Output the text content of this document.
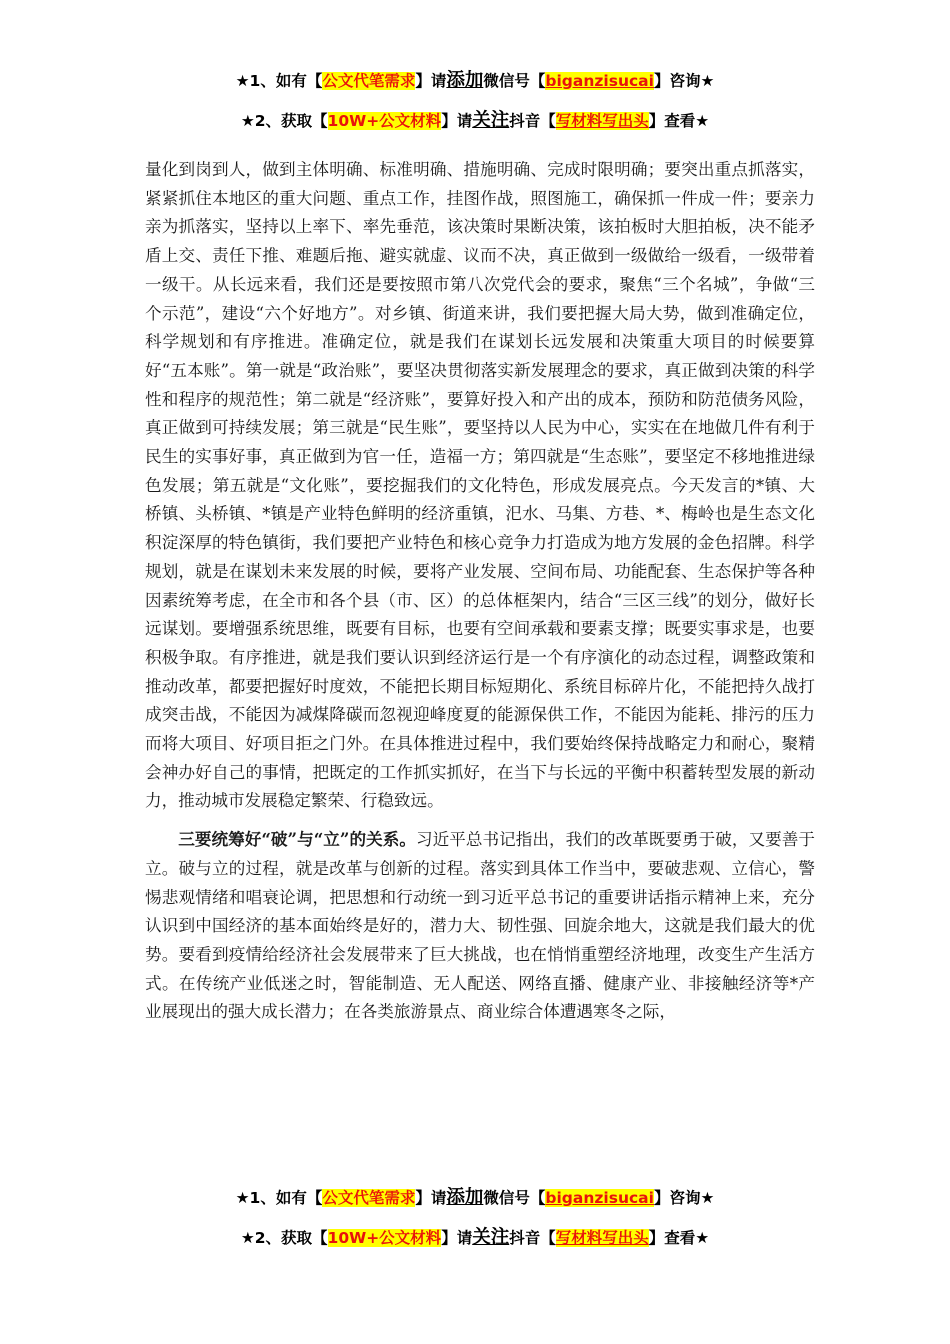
★1、如有【公文代笔需求】请添加微信号【biganzisucai】咨询★
★2、获取【10W+公文材料】请关注抖音【写材料写出头】查看★

量化到岗到人，做到主体明确、标准明确、措施明确、完成时限明确；要突出重点抓落实，紧紧抓住本地区的重大问题、重点工作，挂图作战，照图施工，确保抓一件成一件；要亲力亲为抓落实，坚持以上率下、率先垂范，该决策时果断决策，该拍板时大胆拍板，决不能矛盾上交、责任下推、难题后拖、避实就虚、议而不决，真正做到一级做给一级看，一级带着一级干。从长远来看，我们还是要按照市第八次党代会的要求，聚焦“三个名城”，争做“三个示范”，建设“六个好地方”。对乡镇、街道来讲，我们要把握大局大势，做到准确定位，科学规划和有序推进。准确定位，就是我们在谋划长远发展和决策重大项目的时候要算好“五本账”。第一就是“政治账”，要坚决贯彻落实新发展理念的要求，真正做到决策的科学性和程序的规范性；第二就是“经济账”，要算好投入和产出的成本，预防和防范债务风险，真正做到可持续发展；第三就是“民生账”，要坚持以人民为中心，实实在在地做几件有利于民生的实事好事，真正做到为官一任，造福一方；第四就是“生态账”，要坚定不移地推进绿色发展；第五就是“文化账”，要挖掘我们的文化特色，形成发展亮点。今天发言的*镇、大桥镇、头桥镇、*镇是产业特色鲜明的经济重镇，汜水、马集、方巷、*、梅岭也是生态文化积淀深厚的特色镇街，我们要把产业特色和核心竞争力打造成为地方发展的金色招牌。科学规划，就是在谋划未来发展的时候，要将产业发展、空间布局、功能配套、生态保护等各种因素统筹考虑，在全市和各个县（市、区）的总体框架内，结合“三区三线”的划分，做好长远谋划。要增强系统思维，既要有目标，也要有空间承载和要素支撑；既要实事求是，也要积极争取。有序推进，就是我们要认识到经济运行是一个有序演化的动态过程，调整政策和推动改革，都要把握好时度效，不能把长期目标短期化、系统目标碎片化，不能把持久战打成突击战，不能因为减煤降碳而忽视迎峰度夏的能源保供工作，不能因为能耗、排污的压力而将大项目、好项目拒之门外。在具体推进过程中，我们要始终保持战略定力和耐心，聚精会神办好自己的事情，把既定的工作抓实抓好，在当下与长远的平衡中积蓄转型发展的新动力，推动城市发展稳定繁荣、行稳致远。

三要统筹好“破”与“立”的关系。习近平总书记指出，我们的改革既要勇于破，又要善于立。破与立的过程，就是改革与创新的过程。落实到具体工作当中，要破悲观、立信心，警惕悲观情绪和唱衰论调，把思想和行动统一到习近平总书记的重要讲话指示精神上来，充分认识到中国经济的基本面始终是好的，潜力大、韧性强、回旋余地大，这就是我们最大的优势。要看到疫情给经济社会发展带来了巨大挑战，也在悄悄重塑经济地理，改变生产生活方式。在传统产业低迷之时，智能制造、无人配送、网络直播、健康产业、非接触经济等*产业展现出的强大成长潜力；在各类旅游景点、商业综合体遭遇寒冬之际，

★1、如有【公文代笔需求】请添加微信号【biganzisucai】咨询★
★2、获取【10W+公文材料】请关注抖音【写材料写出头】查看★
